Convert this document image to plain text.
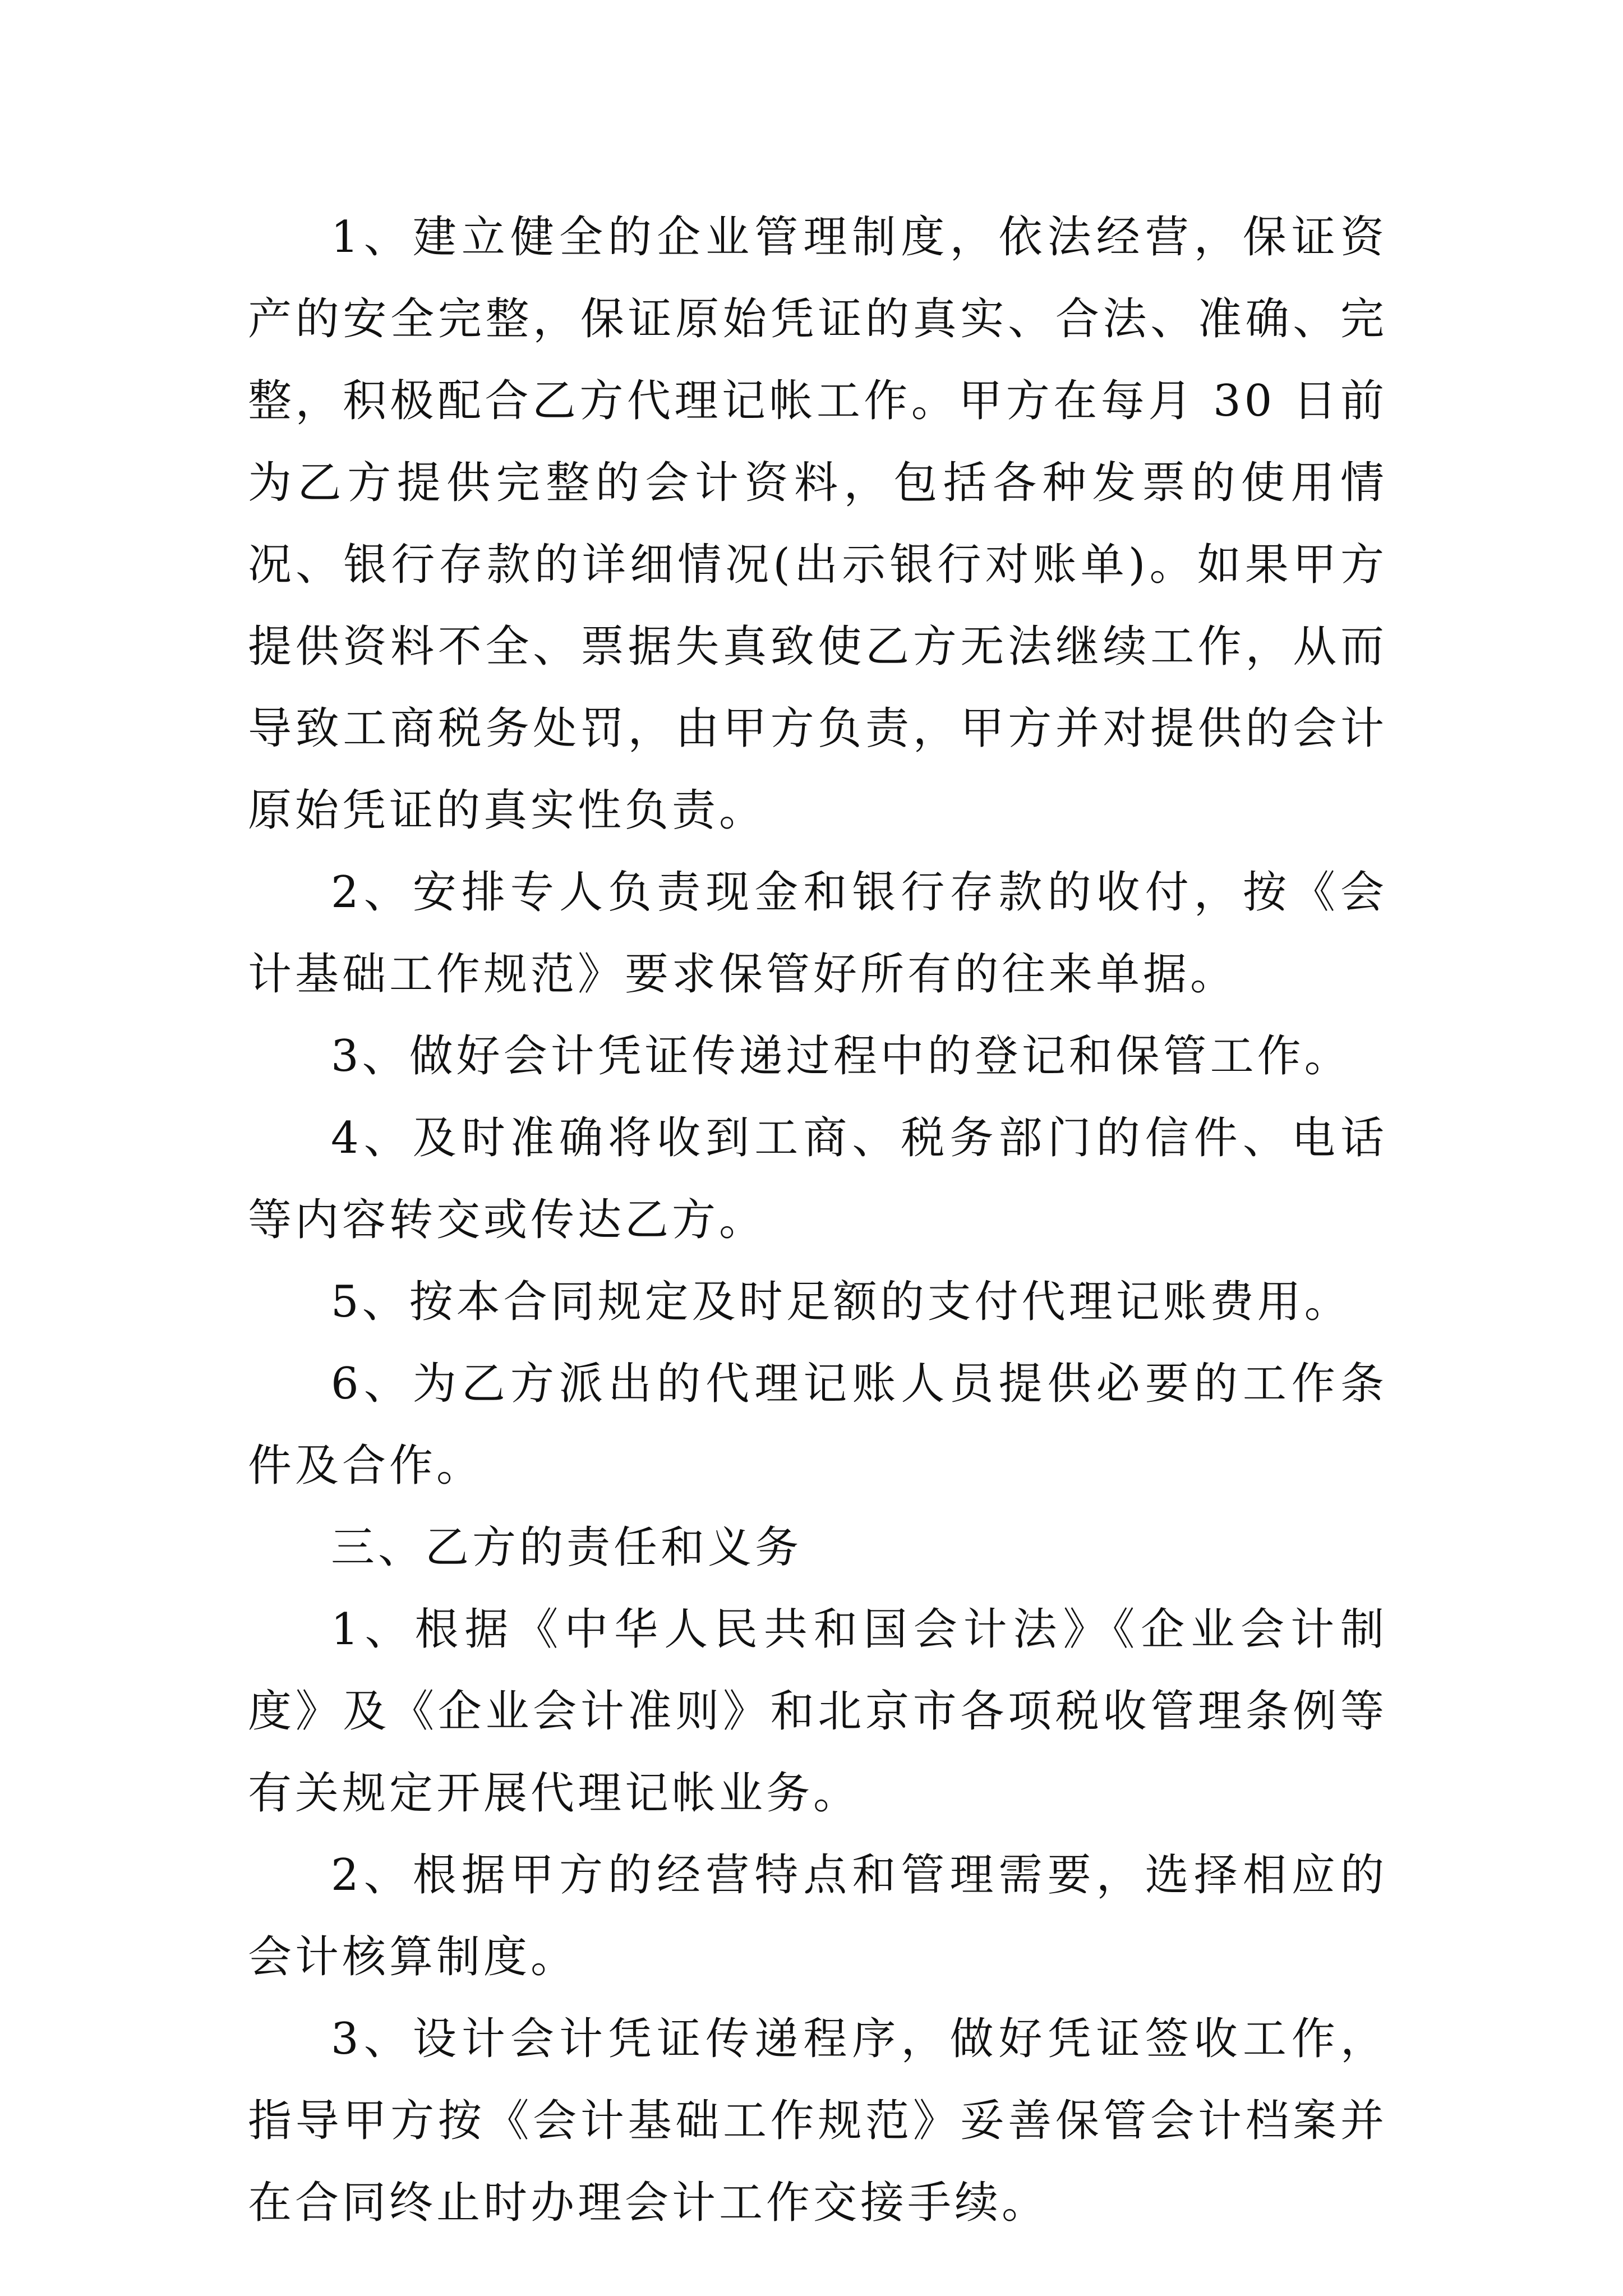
1、建立健全的企业管理制度，依法经营，保证资产的安全完整，保证原始凭证的真实、合法、准确、完整，积极配合乙方代理记帐工作。甲方在每月 30 日前为乙方提供完整的会计资料，包括各种发票的使用情况、银行存款的详细情况(出示银行对账单)。如果甲方提供资料不全、票据失真致使乙方无法继续工作，从而导致工商税务处罚，由甲方负责，甲方并对提供的会计原始凭证的真实性负责。

2、安排专人负责现金和银行存款的收付，按《会计基础工作规范》要求保管好所有的往来单据。

3、做好会计凭证传递过程中的登记和保管工作。

4、及时准确将收到工商、税务部门的信件、电话等内容转交或传达乙方。

5、按本合同规定及时足额的支付代理记账费用。

6、为乙方派出的代理记账人员提供必要的工作条件及合作。

三、乙方的责任和义务

1、根据《中华人民共和国会计法》《企业会计制度》及《企业会计准则》和北京市各项税收管理条例等有关规定开展代理记帐业务。

2、根据甲方的经营特点和管理需要，选择相应的会计核算制度。

3、设计会计凭证传递程序，做好凭证签收工作，指导甲方按《会计基础工作规范》妥善保管会计档案并在合同终止时办理会计工作交接手续。
